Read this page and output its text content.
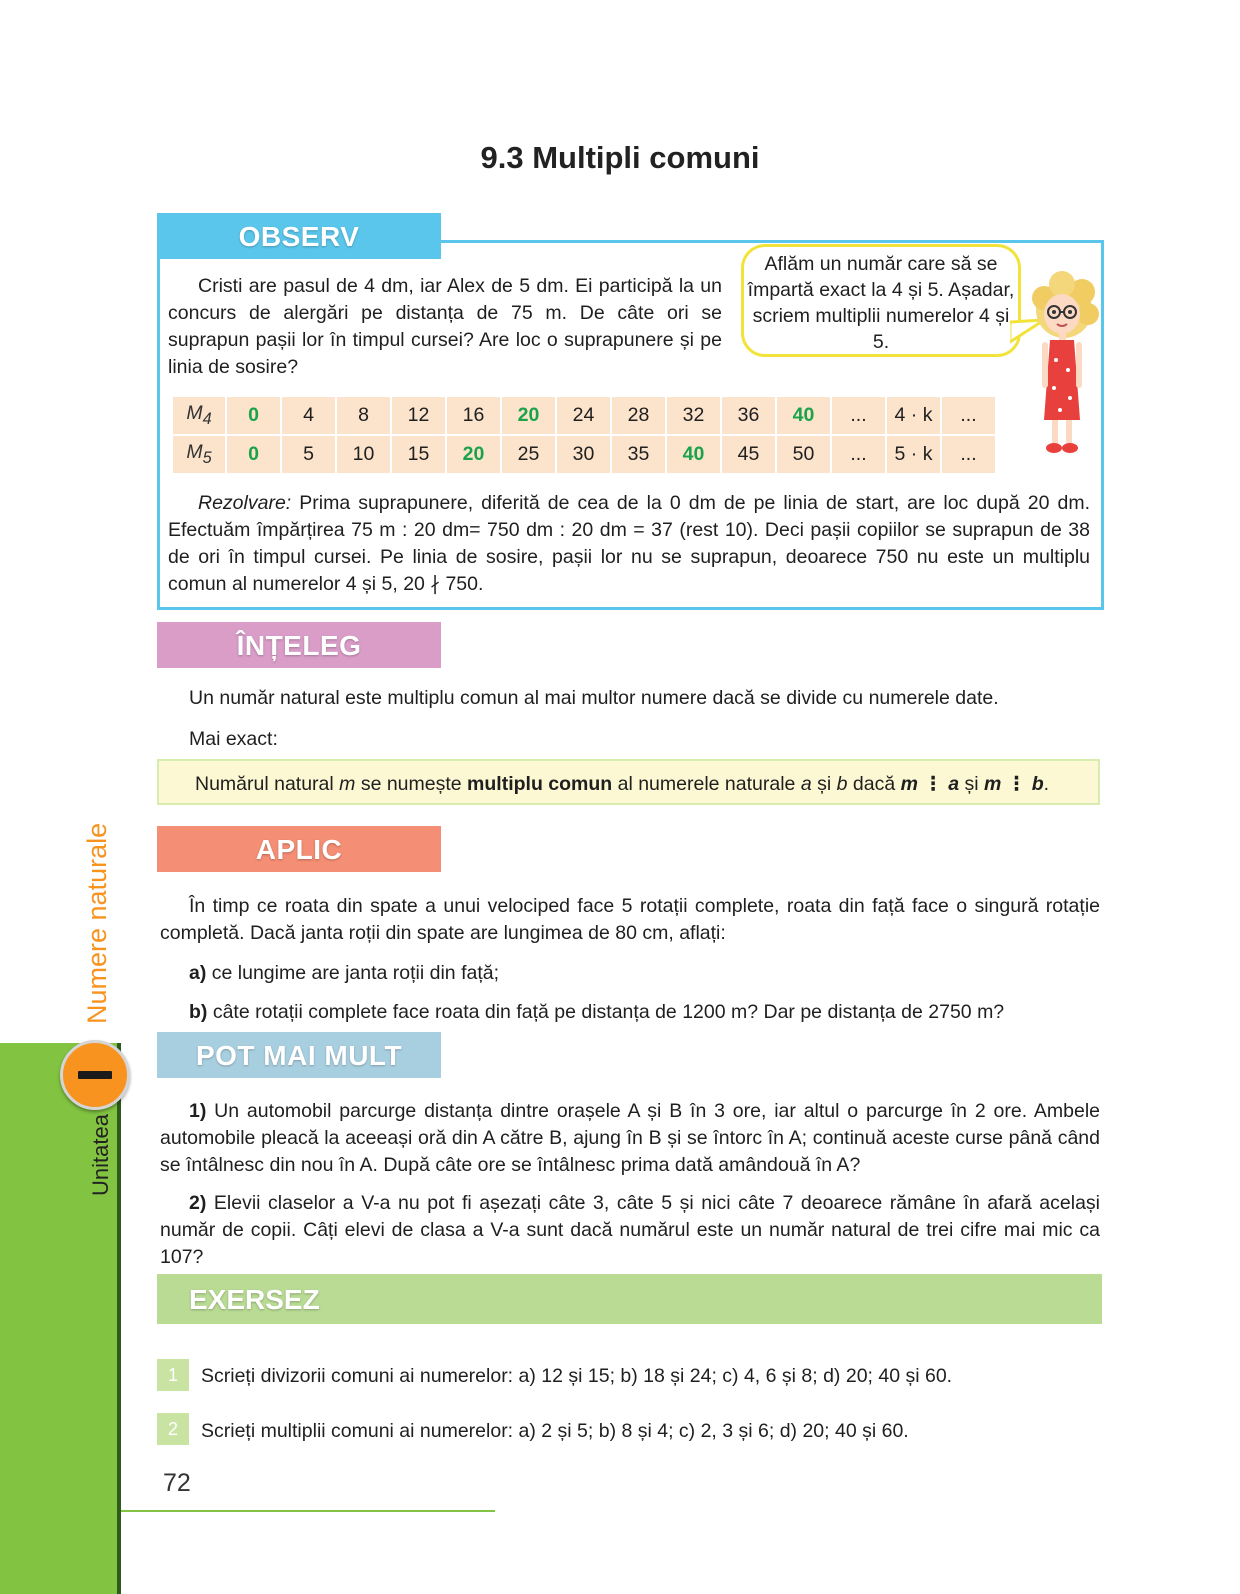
9.3 Multipli comuni
OBSERV
Cristi are pasul de 4 dm, iar Alex de 5 dm. Ei participă la un concurs de alergări pe distanța de 75 m. De câte ori se suprapun pașii lor în timpul cursei? Are loc o suprapunere și pe linia de sosire?
Aflăm un număr care să se împartă exact la 4 și 5. Așadar, scriem multiplii numerelor 4 și 5.
$M_4$	0	4	8	12	16	20	24	28	32	36	40	...	4 · k	...
$M_5$	0	5	10	15	20	25	30	35	40	45	50	...	5 · k	...
Rezolvare: Prima suprapunere, diferită de cea de la 0 dm de pe linia de start, are loc după 20 dm. Efectuăm împărțirea 75 m : 20 dm= 750 dm : 20 dm = 37 (rest 10). Deci pașii copiilor se suprapun de 38 de ori în timpul cursei. Pe linia de sosire, pașii lor nu se suprapun, deoarece 750 nu este un multiplu comun al numerelor 4 și 5, 20 ∤ 750.
ÎNȚELEG
Un număr natural este multiplu comun al mai multor numere dacă se divide cu numerele date.
Mai exact:
Numărul natural m se numește multiplu comun al numerele naturale a și b dacă m ⋮ a și m ⋮ b.
APLIC
În timp ce roata din spate a unui velociped face 5 rotații complete, roata din față face o singură rotație completă. Dacă janta roții din spate are lungimea de 80 cm, aflați:
a) ce lungime are janta roții din față;
b) câte rotații complete face roata din față pe distanța de 1200 m? Dar pe distanța de 2750 m?
POT MAI MULT
1) Un automobil parcurge distanța dintre orașele A și B în 3 ore, iar altul o parcurge în 2 ore. Ambele automobile pleacă la aceeași oră din A către B, ajung în B și se întorc în A; continuă aceste curse până când se întâlnesc din nou în A. După câte ore se întâlnesc prima dată amândouă în A?
2) Elevii claselor a V-a nu pot fi așezați câte 3, câte 5 și nici câte 7 deoarece rămâne în afară același număr de copii. Câți elevi de clasa a V-a sunt dacă numărul este un număr natural de trei cifre mai mic ca 107?
EXERSEZ
1	Scrieți divizorii comuni ai numerelor: a) 12 și 15; b) 18 și 24; c) 4, 6 și 8; d) 20; 40 și 60.
2	Scrieți multiplii comuni ai numerelor: a) 2 și 5; b) 8 și 4; c) 2, 3 și 6; d) 20; 40 și 60.
72
Numere naturale
Unitatea
